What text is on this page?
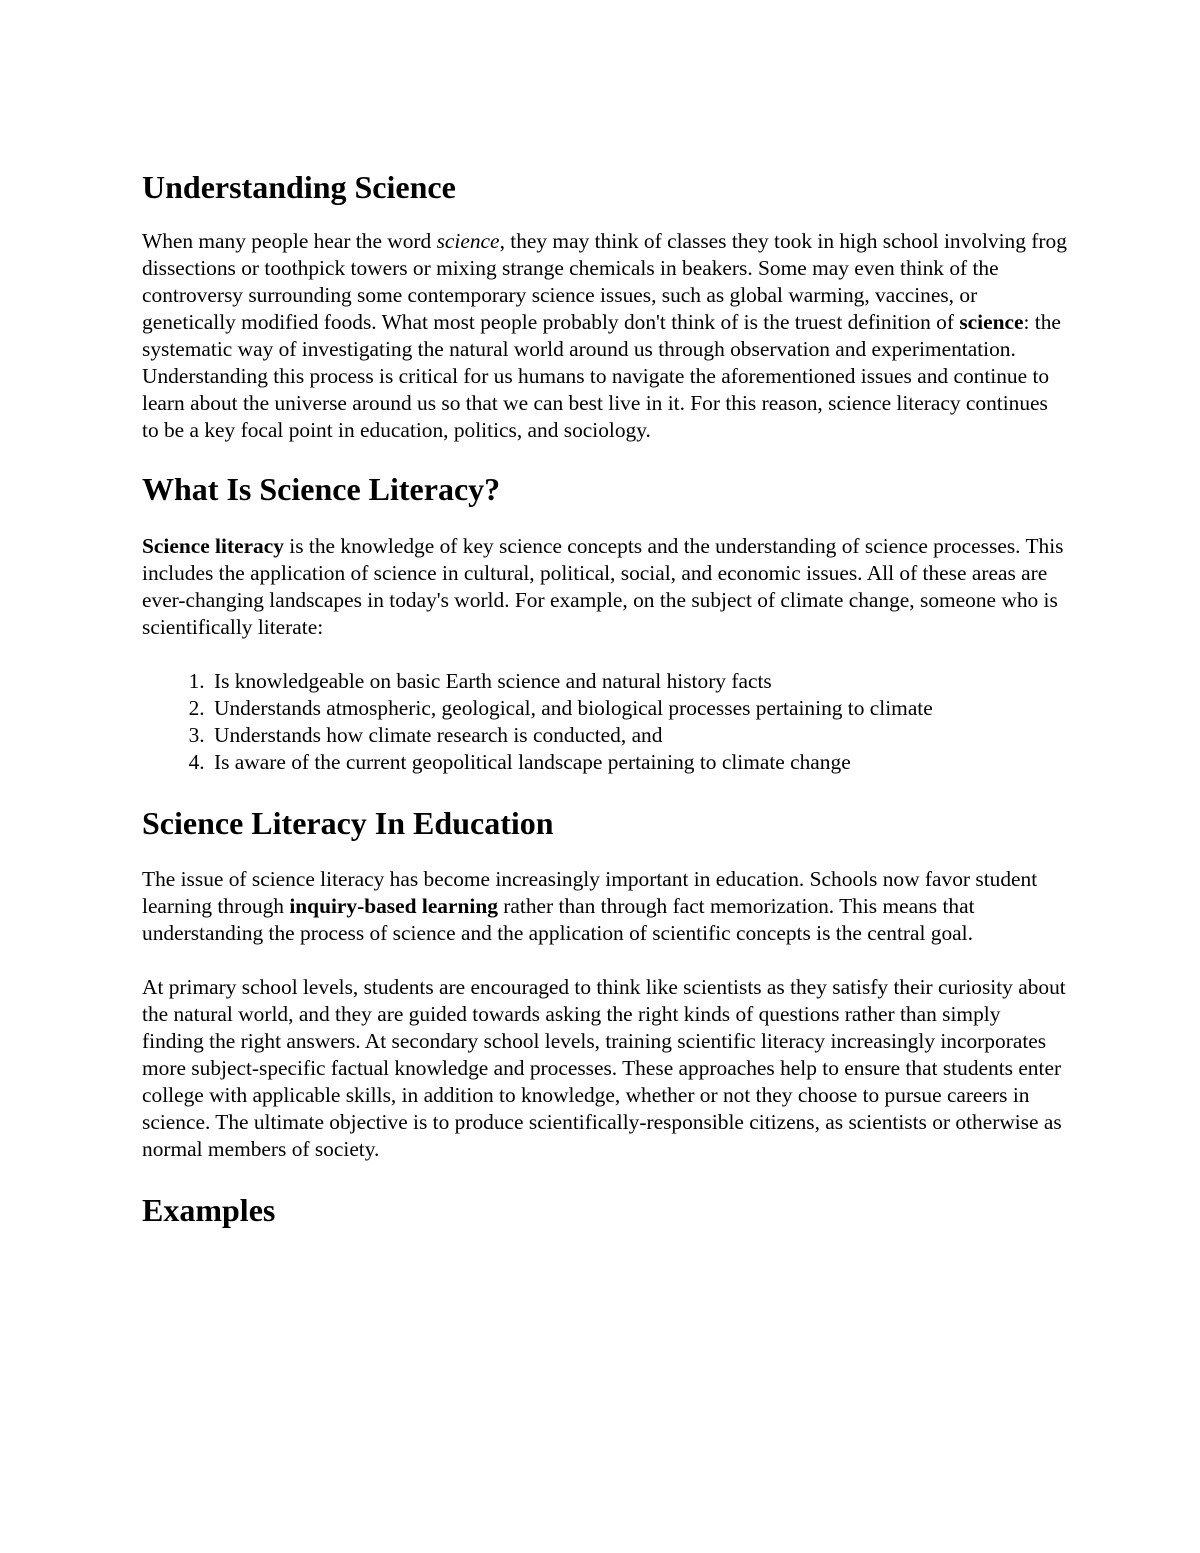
Understanding Science

When many people hear the word science, they may think of classes they took in high school involving frog dissections or toothpick towers or mixing strange chemicals in beakers. Some may even think of the controversy surrounding some contemporary science issues, such as global warming, vaccines, or genetically modified foods. What most people probably don't think of is the truest definition of science: the systematic way of investigating the natural world around us through observation and experimentation. Understanding this process is critical for us humans to navigate the aforementioned issues and continue to learn about the universe around us so that we can best live in it. For this reason, science literacy continues to be a key focal point in education, politics, and sociology.

What Is Science Literacy?

Science literacy is the knowledge of key science concepts and the understanding of science processes. This includes the application of science in cultural, political, social, and economic issues. All of these areas are ever-changing landscapes in today's world. For example, on the subject of climate change, someone who is scientifically literate:

1. Is knowledgeable on basic Earth science and natural history facts
2. Understands atmospheric, geological, and biological processes pertaining to climate
3. Understands how climate research is conducted, and
4. Is aware of the current geopolitical landscape pertaining to climate change
Science Literacy In Education

The issue of science literacy has become increasingly important in education. Schools now favor student learning through inquiry-based learning rather than through fact memorization. This means that understanding the process of science and the application of scientific concepts is the central goal.

At primary school levels, students are encouraged to think like scientists as they satisfy their curiosity about the natural world, and they are guided towards asking the right kinds of questions rather than simply finding the right answers. At secondary school levels, training scientific literacy increasingly incorporates more subject-specific factual knowledge and processes. These approaches help to ensure that students enter college with applicable skills, in addition to knowledge, whether or not they choose to pursue careers in science. The ultimate objective is to produce scientifically-responsible citizens, as scientists or otherwise as normal members of society.

Examples
